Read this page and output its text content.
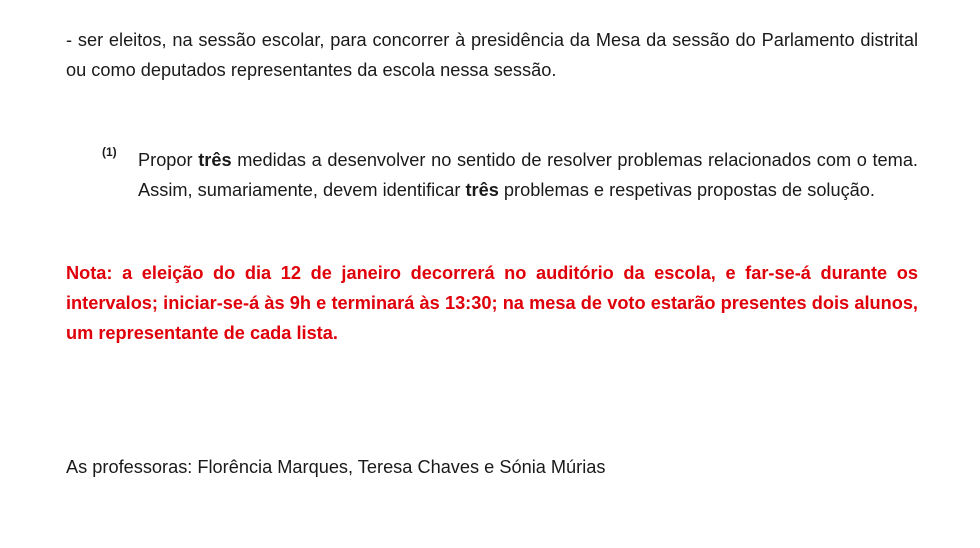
- ser eleitos, na sessão escolar, para concorrer à presidência da Mesa da sessão do Parlamento distrital ou como deputados representantes da escola nessa sessão.

(1) Propor três medidas a desenvolver no sentido de resolver problemas relacionados com o tema. Assim, sumariamente, devem identificar três problemas e respetivas propostas de solução.

Nota: a eleição do dia 12 de janeiro decorrerá no auditório da escola, e far-se-á durante os intervalos; iniciar-se-á às 9h e terminará às 13:30; na mesa de voto estarão presentes dois alunos, um representante de cada lista.

As professoras: Florência Marques, Teresa Chaves e Sónia Múrias
